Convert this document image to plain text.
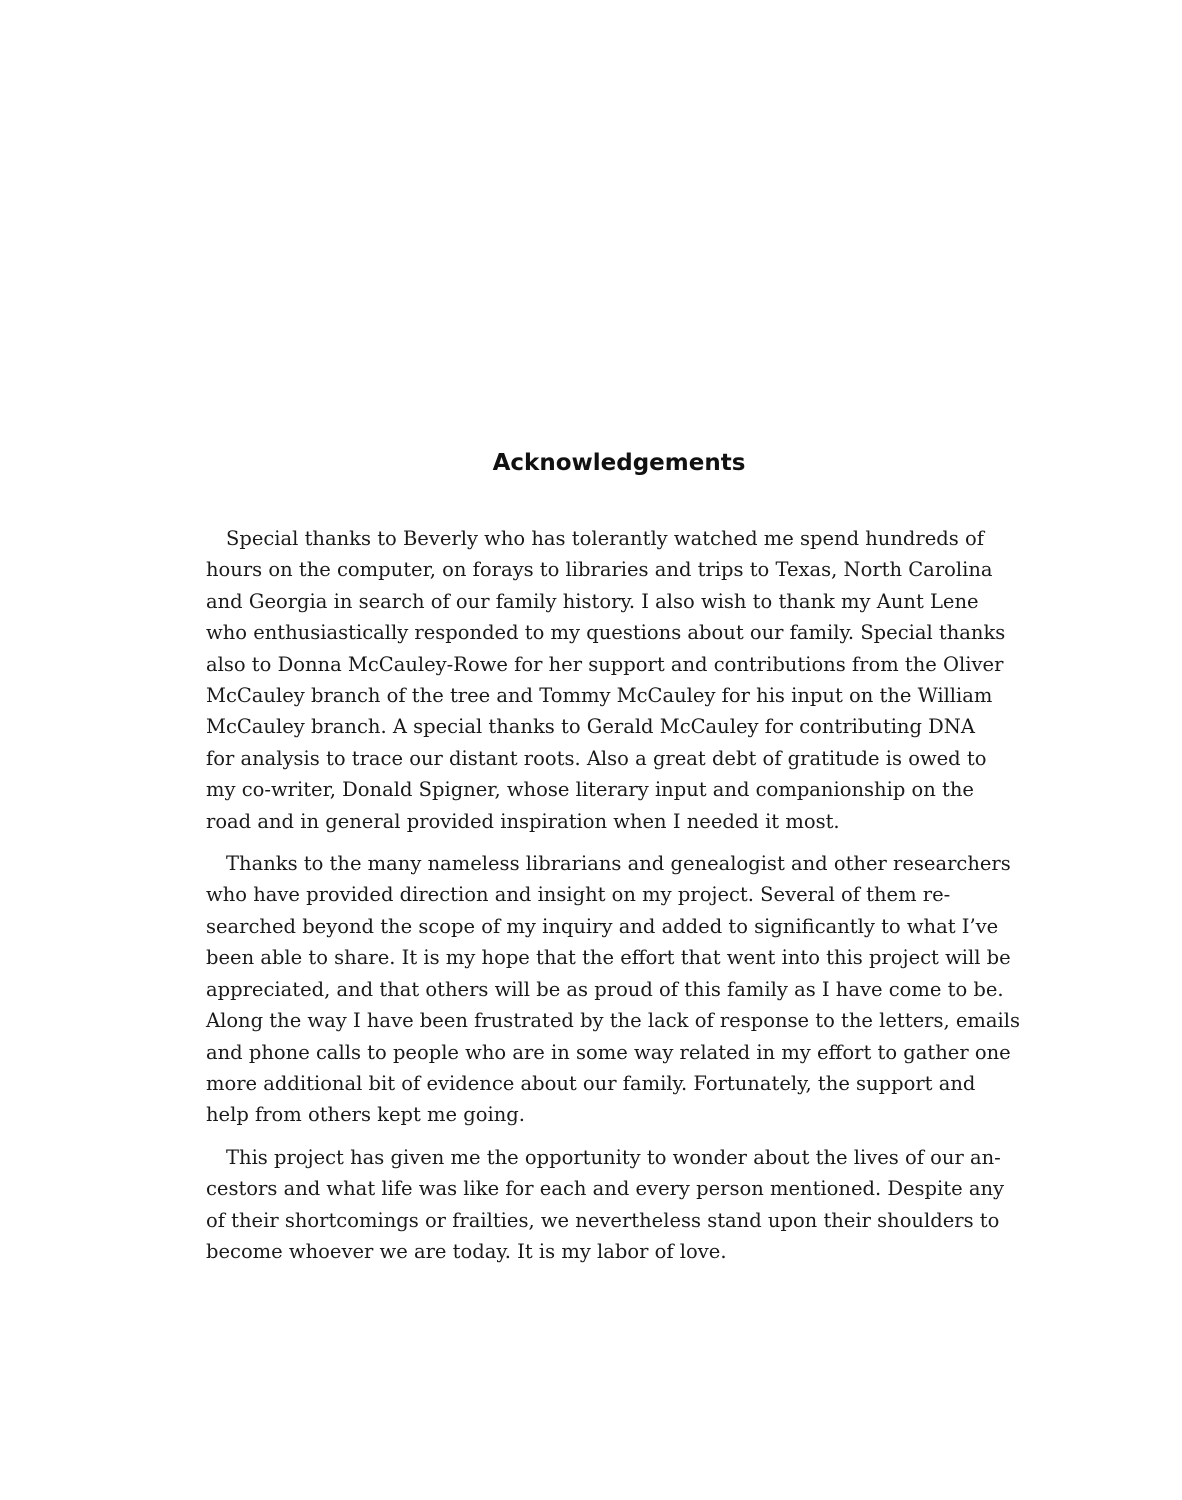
Acknowledgements

Special thanks to Beverly who has tolerantly watched me spend hundreds of
hours on the computer, on forays to libraries and trips to Texas, North Carolina
and Georgia in search of our family history. I also wish to thank my Aunt Lene
who enthusiastically responded to my questions about our family. Special thanks
also to Donna McCauley-Rowe for her support and contributions from the Oliver
McCauley branch of the tree and Tommy McCauley for his input on the William
McCauley branch. A special thanks to Gerald McCauley for contributing DNA
for analysis to trace our distant roots. Also a great debt of gratitude is owed to
my co-writer, Donald Spigner, whose literary input and companionship on the
road and in general provided inspiration when I needed it most.

Thanks to the many nameless librarians and genealogist and other researchers
who have provided direction and insight on my project. Several of them re-
searched beyond the scope of my inquiry and added to significantly to what I’ve
been able to share. It is my hope that the effort that went into this project will be
appreciated, and that others will be as proud of this family as I have come to be.
Along the way I have been frustrated by the lack of response to the letters, emails
and phone calls to people who are in some way related in my effort to gather one
more additional bit of evidence about our family. Fortunately, the support and
help from others kept me going.

This project has given me the opportunity to wonder about the lives of our an-
cestors and what life was like for each and every person mentioned. Despite any
of their shortcomings or frailties, we nevertheless stand upon their shoulders to
become whoever we are today. It is my labor of love.
